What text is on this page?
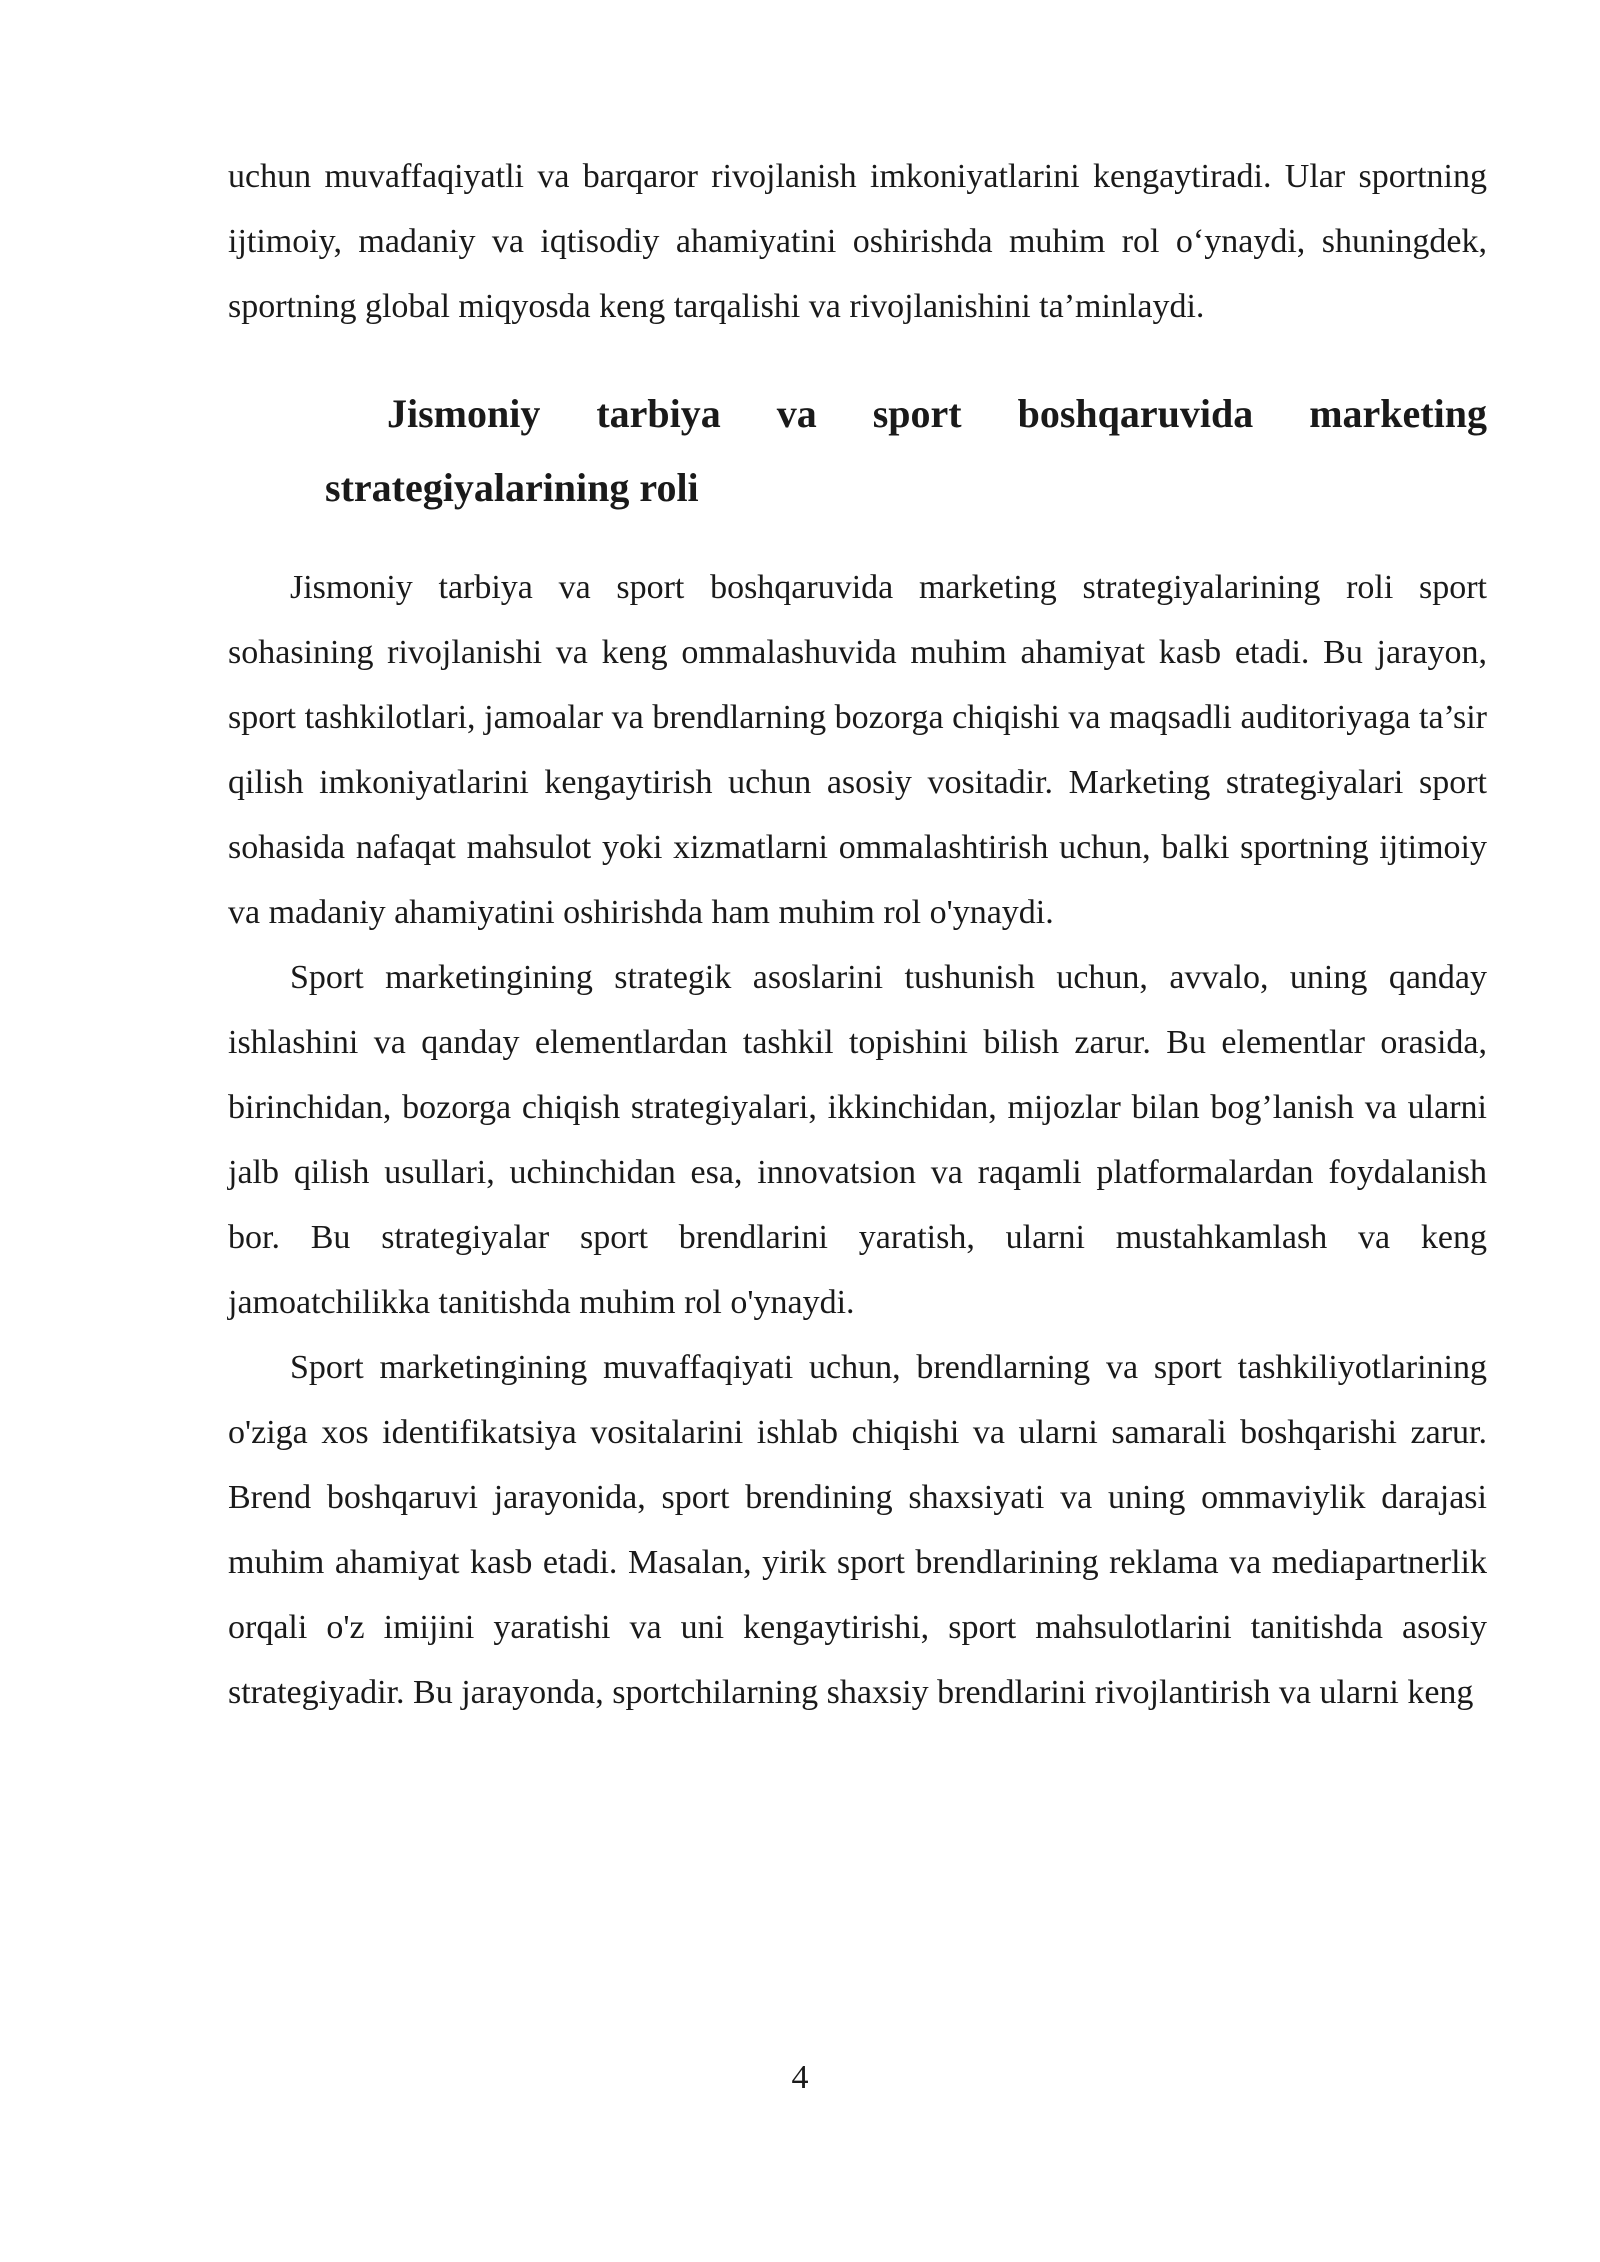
uchun muvaffaqiyatli va barqaror rivojlanish imkoniyatlarini kengaytiradi. Ular sportning ijtimoiy, madaniy va iqtisodiy ahamiyatini oshirishda muhim rol o‘ynaydi, shuningdek, sportning global miqyosda keng tarqalishi va rivojlanishini ta’minlaydi.

Jismoniy tarbiya va sport boshqaruvida marketing strategiyalarining roli

Jismoniy tarbiya va sport boshqaruvida marketing strategiyalarining roli sport sohasining rivojlanishi va keng ommalashuvida muhim ahamiyat kasb etadi. Bu jarayon, sport tashkilotlari, jamoalar va brendlarning bozorga chiqishi va maqsadli auditoriyaga ta’sir qilish imkoniyatlarini kengaytirish uchun asosiy vositadir. Marketing strategiyalari sport sohasida nafaqat mahsulot yoki xizmatlarni ommalashtirish uchun, balki sportning ijtimoiy va madaniy ahamiyatini oshirishda ham muhim rol o'ynaydi.

Sport marketingining strategik asoslarini tushunish uchun, avvalo, uning qanday ishlashini va qanday elementlardan tashkil topishini bilish zarur. Bu elementlar orasida, birinchidan, bozorga chiqish strategiyalari, ikkinchidan, mijozlar bilan bog’lanish va ularni jalb qilish usullari, uchinchidan esa, innovatsion va raqamli platformalardan foydalanish bor. Bu strategiyalar sport brendlarini yaratish, ularni mustahkamlash va keng jamoatchilikka tanitishda muhim rol o'ynaydi.

Sport marketingining muvaffaqiyati uchun, brendlarning va sport tashkiliyotlarining o'ziga xos identifikatsiya vositalarini ishlab chiqishi va ularni samarali boshqarishi zarur. Brend boshqaruvi jarayonida, sport brendining shaxsiyati va uning ommaviylik darajasi muhim ahamiyat kasb etadi. Masalan, yirik sport brendlarining reklama va mediapartnerlik orqali o'z imijini yaratishi va uni kengaytirishi, sport mahsulotlarini tanitishda asosiy strategiyadir. Bu jarayonda, sportchilarning shaxsiy brendlarini rivojlantirish va ularni keng

4
